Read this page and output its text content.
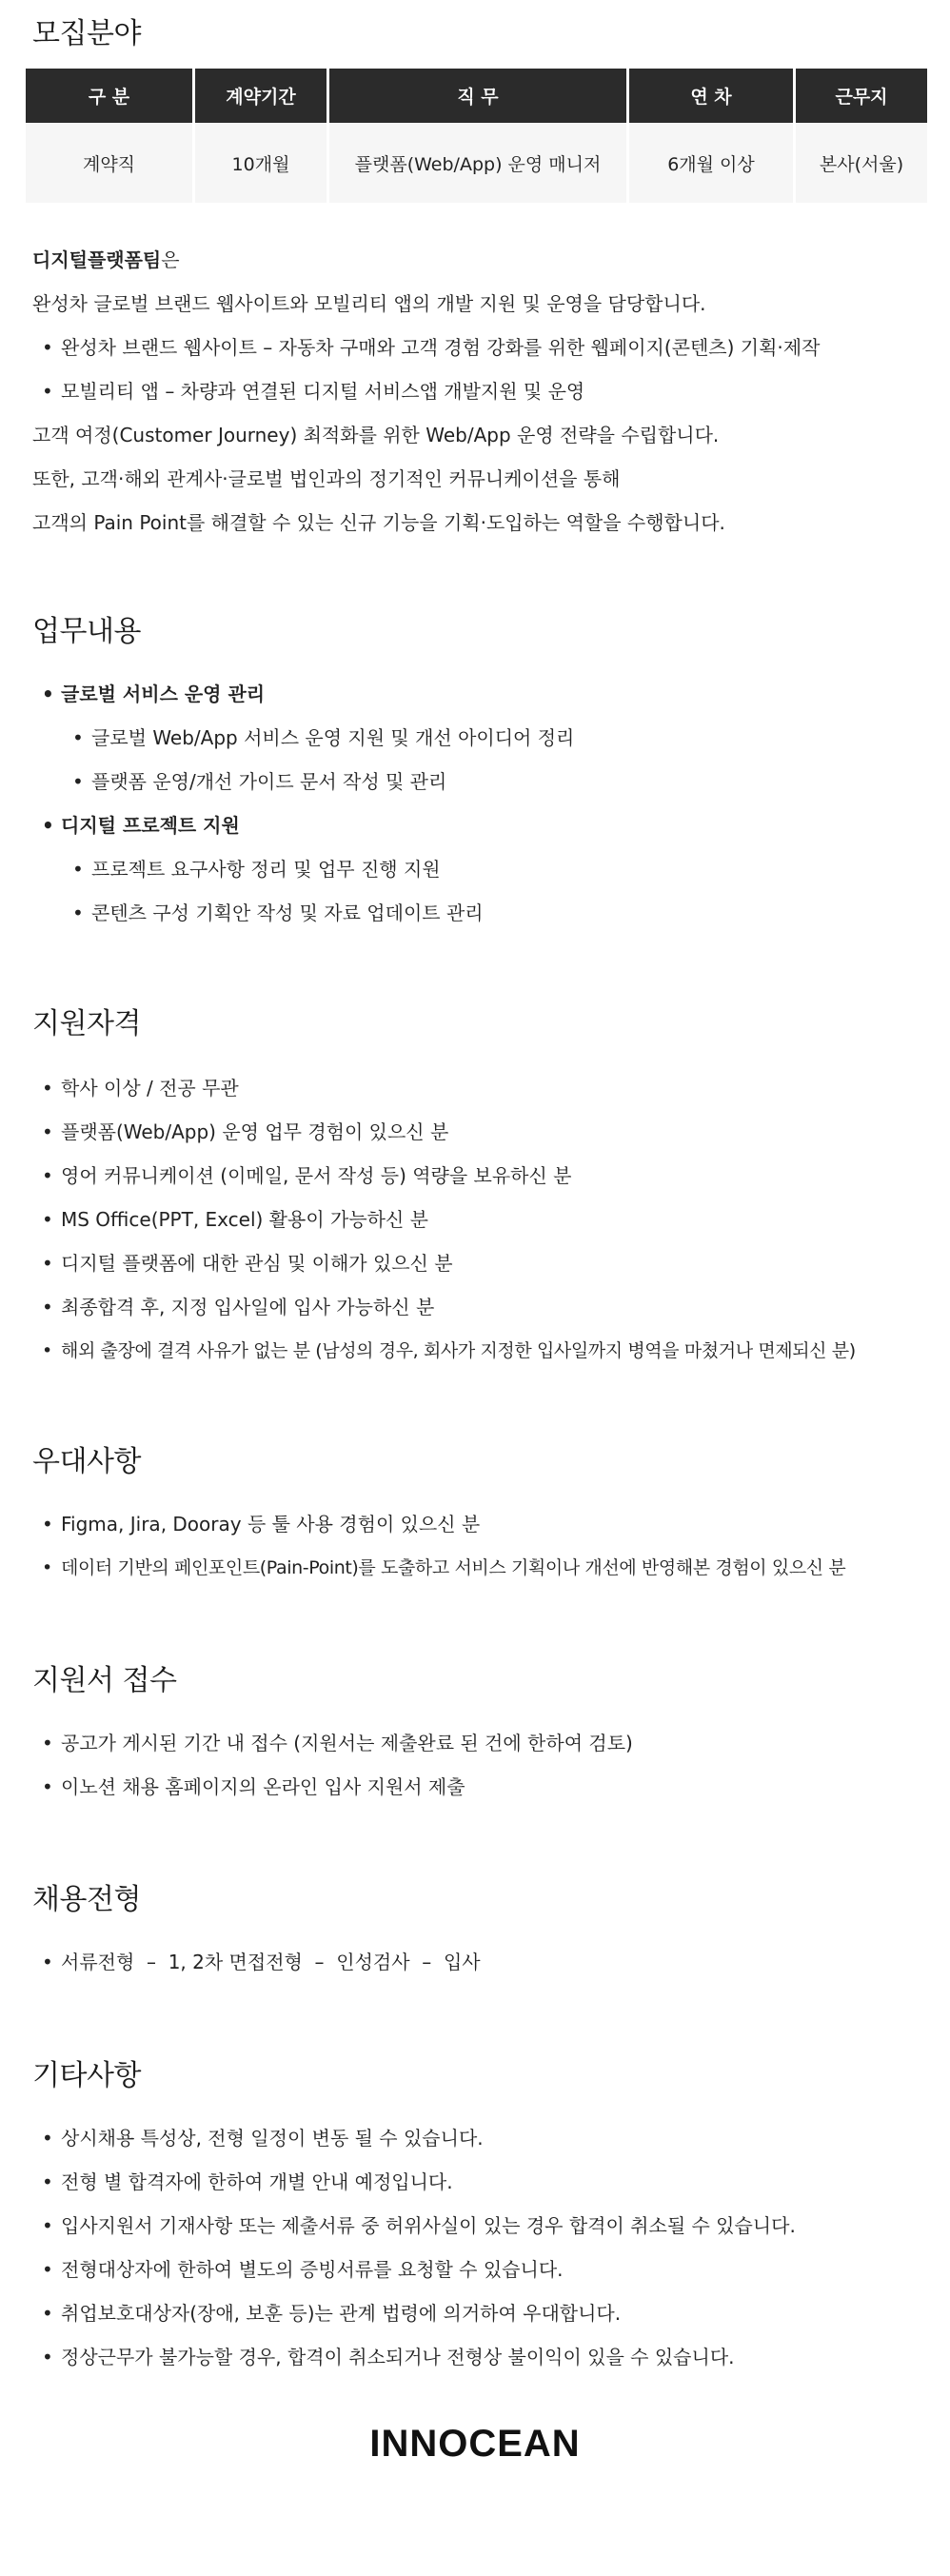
모집분야
구 분	계약기간	직 무	연 차	근무지
계약직	10개월	플랫폼(Web/App) 운영 매니저	6개월 이상	본사(서울)

디지털플랫폼팀은

완성차 글로벌 브랜드 웹사이트와 모빌리티 앱의 개발 지원 및 운영을 담당합니다.

• 완성차 브랜드 웹사이트 – 자동차 구매와 고객 경험 강화를 위한 웹페이지(콘텐츠) 기획·제작
• 모빌리티 앱 – 차량과 연결된 디지털 서비스앱 개발지원 및 운영

고객 여정(Customer Journey) 최적화를 위한 Web/App 운영 전략을 수립합니다.

또한, 고객·해외 관계사·글로벌 법인과의 정기적인 커뮤니케이션을 통해

고객의 Pain Point를 해결할 수 있는 신규 기능을 기획·도입하는 역할을 수행합니다.

업무내용
• 글로벌 서비스 운영 관리
• 글로벌 Web/App 서비스 운영 지원 및 개선 아이디어 정리
• 플랫폼 운영/개선 가이드 문서 작성 및 관리
• 디지털 프로젝트 지원
• 프로젝트 요구사항 정리 및 업무 진행 지원
• 콘텐츠 구성 기획안 작성 및 자료 업데이트 관리
지원자격
• 학사 이상 / 전공 무관
• 플랫폼(Web/App) 운영 업무 경험이 있으신 분
• 영어 커뮤니케이션 (이메일, 문서 작성 등) 역량을 보유하신 분
• MS Office(PPT, Excel) 활용이 가능하신 분
• 디지털 플랫폼에 대한 관심 및 이해가 있으신 분
• 최종합격 후, 지정 입사일에 입사 가능하신 분
• 해외 출장에 결격 사유가 없는 분 (남성의 경우, 회사가 지정한 입사일까지 병역을 마쳤거나 면제되신 분)
우대사항
• Figma, Jira, Dooray 등 툴 사용 경험이 있으신 분
• 데이터 기반의 페인포인트(Pain-Point)를 도출하고 서비스 기획이나 개선에 반영해본 경험이 있으신 분
지원서 접수
• 공고가 게시된 기간 내 접수 (지원서는 제출완료 된 건에 한하여 검토)
• 이노션 채용 홈페이지의 온라인 입사 지원서 제출
채용전형
• 서류전형  –  1, 2차 면접전형  –  인성검사  –  입사
기타사항
• 상시채용 특성상, 전형 일정이 변동 될 수 있습니다.
• 전형 별 합격자에 한하여 개별 안내 예정입니다.
• 입사지원서 기재사항 또는 제출서류 중 허위사실이 있는 경우 합격이 취소될 수 있습니다.
• 전형대상자에 한하여 별도의 증빙서류를 요청할 수 있습니다.
• 취업보호대상자(장애, 보훈 등)는 관계 법령에 의거하여 우대합니다.
• 정상근무가 불가능할 경우, 합격이 취소되거나 전형상 불이익이 있을 수 있습니다.
INNOCEAN
